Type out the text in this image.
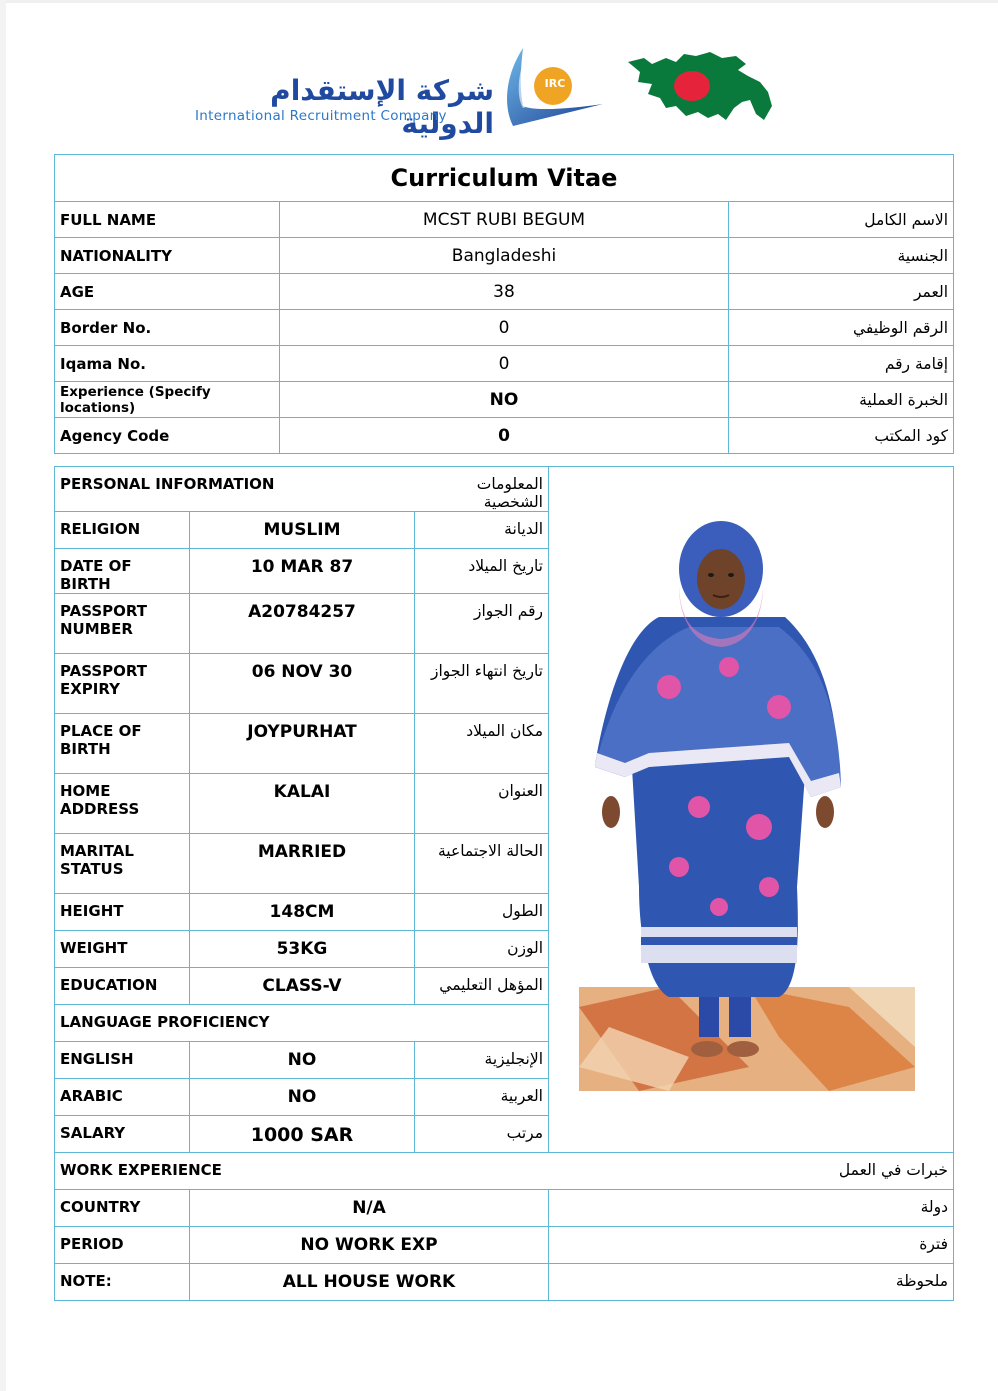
شركة الإستقدام الدولية
International Recruitment Company
IRC
Curriculum Vitae		
FULL NAME	MCST RUBI BEGUM	الاسم الكامل
NATIONALITY	Bangladeshi	الجنسية
AGE	38	العمر
Border No.	0	الرقم الوظيفي
Iqama No.	0	إقامة رقم
Experience (Specify locations)	NO	الخبرة العملية
Agency Code	0	كود المكتب
PERSONAL INFORMATION		المعلومات الشخصية	

RELIGION	MUSLIM	الديانة	
DATE OF BIRTH	10 MAR 87	تاريخ الميلاد	
PASSPORT NUMBER	A20784257	رقم الجواز	
PASSPORT EXPIRY	06 NOV 30	تاريخ انتهاء الجواز	
PLACE OF BIRTH	JOYPURHAT	مكان الميلاد	
HOME ADDRESS	KALAI	العنوان	
MARITAL STATUS	MARRIED	الحالة الاجتماعية	
HEIGHT	148CM	الطول	
WEIGHT	53KG	الوزن	
EDUCATION	CLASS-V	المؤهل التعليمي	
LANGUAGE PROFICIENCY			
ENGLISH	NO	الإنجليزية	
ARABIC	NO	العربية	
SALARY	1000 SAR	مرتب	
WORK EXPERIENCE		خبرات في العمل	
COUNTRY	N/A		دولة
PERIOD	NO WORK EXP		فترة
NOTE:	ALL HOUSE WORK		ملحوظة
